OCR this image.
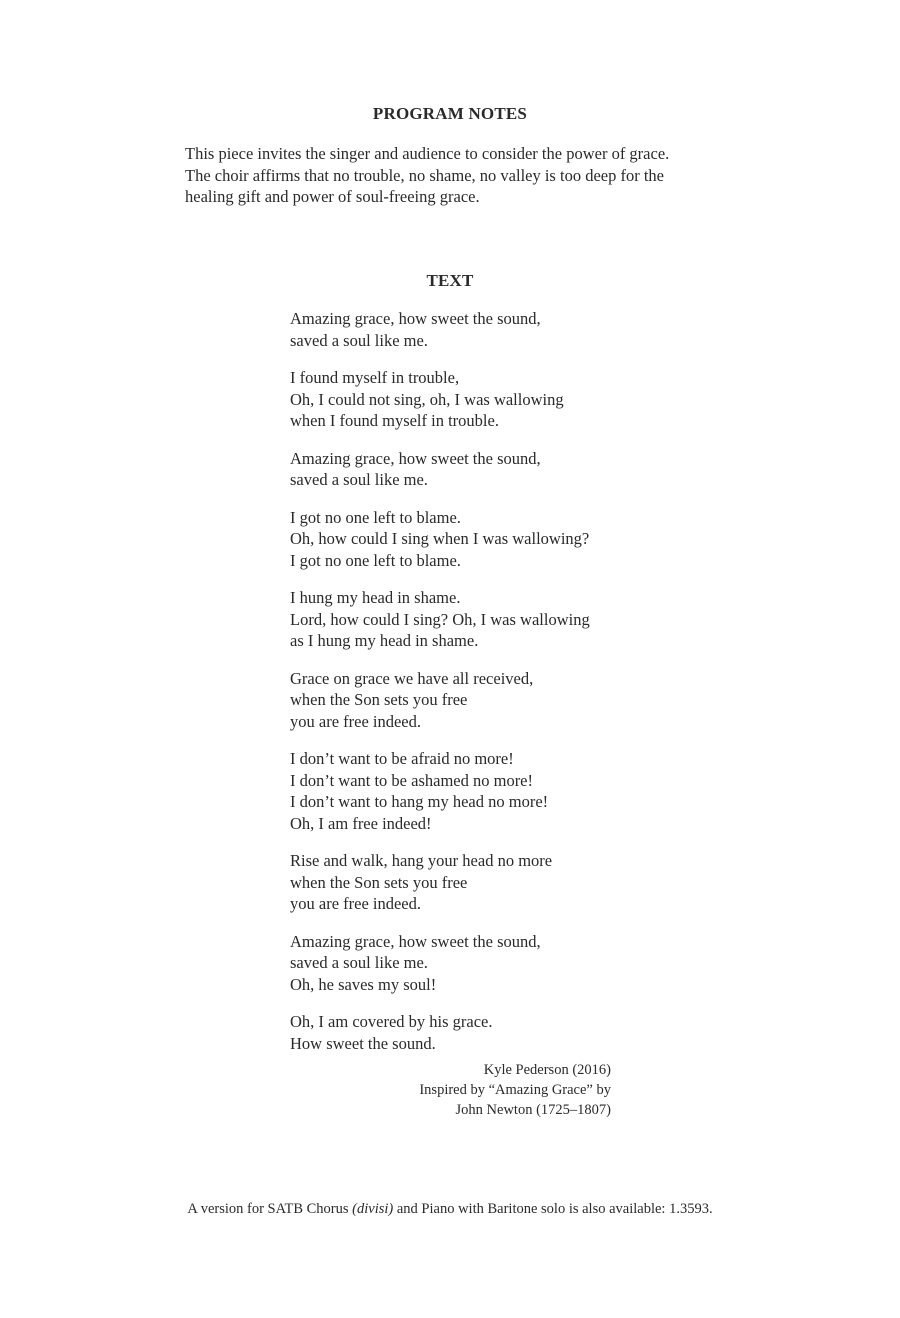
PROGRAM NOTES

This piece invites the singer and audience to consider the power of grace.
The choir affirms that no trouble, no shame, no valley is too deep for the
healing gift and power of soul-freeing grace.

TEXT

Amazing grace, how sweet the sound,
saved a soul like me.

I found myself in trouble,
Oh, I could not sing, oh, I was wallowing
when I found myself in trouble.

Amazing grace, how sweet the sound,
saved a soul like me.

I got no one left to blame.
Oh, how could I sing when I was wallowing?
I got no one left to blame.

I hung my head in shame.
Lord, how could I sing? Oh, I was wallowing
as I hung my head in shame.

Grace on grace we have all received,
when the Son sets you free
you are free indeed.

I don’t want to be afraid no more!
I don’t want to be ashamed no more!
I don’t want to hang my head no more!
Oh, I am free indeed!

Rise and walk, hang your head no more
when the Son sets you free
you are free indeed.

Amazing grace, how sweet the sound,
saved a soul like me.
Oh, he saves my soul!

Oh, I am covered by his grace.
How sweet the sound.

Kyle Pederson (2016)
Inspired by “Amazing Grace” by
John Newton (1725–1807)
A version for SATB Chorus (divisi) and Piano with Baritone solo is also available: 1.3593.
